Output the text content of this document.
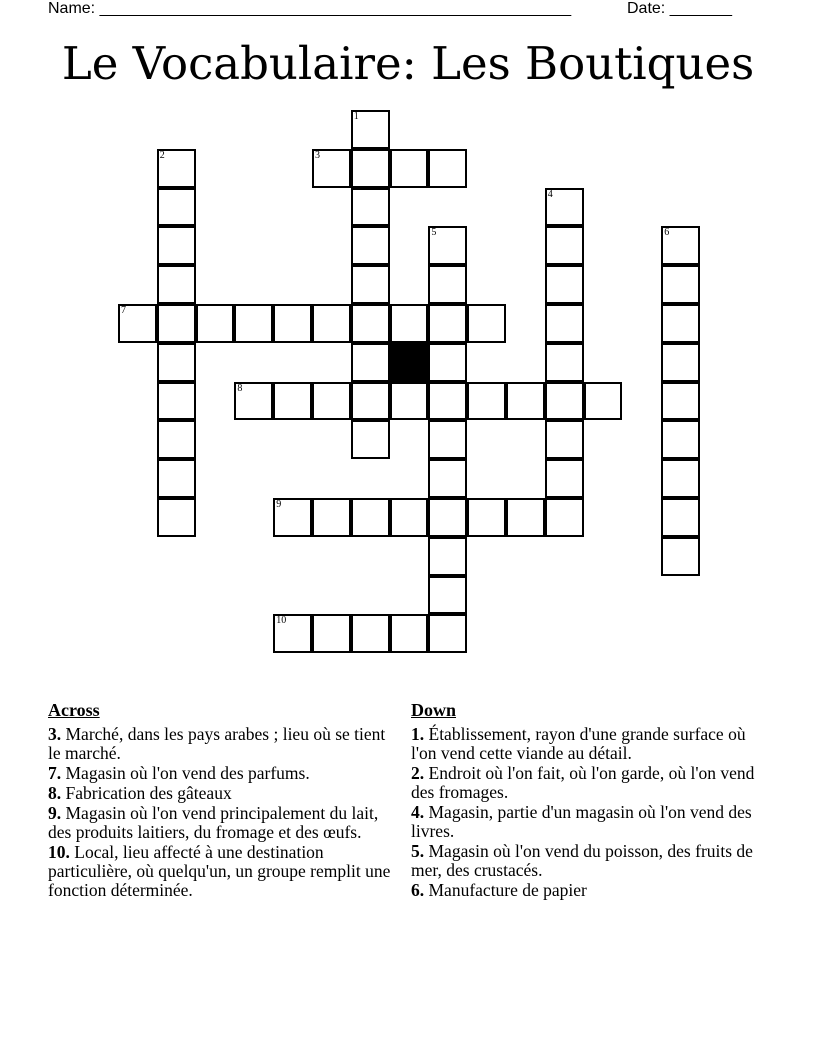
Name: _____________________________________________________	Date: _______
Le Vocabulaire: Les Boutiques
1
2	3
4
5	6
7
8
9
10
Across
3. Marché, dans les pays arabes ; lieu où se tient le marché.
7. Magasin où l'on vend des parfums.
8. Fabrication des gâteaux
9. Magasin où l'on vend principalement du lait, des produits laitiers, du fromage et des œufs.
10. Local, lieu affecté à une destination particulière, où quelqu'un, un groupe remplit une fonction déterminée.
Down
1. Établissement, rayon d'une grande surface où l'on vend cette viande au détail.
2. Endroit où l'on fait, où l'on garde, où l'on vend des fromages.
4. Magasin, partie d'un magasin où l'on vend des livres.
5. Magasin où l'on vend du poisson, des fruits de mer, des crustacés.
6. Manufacture de papier
